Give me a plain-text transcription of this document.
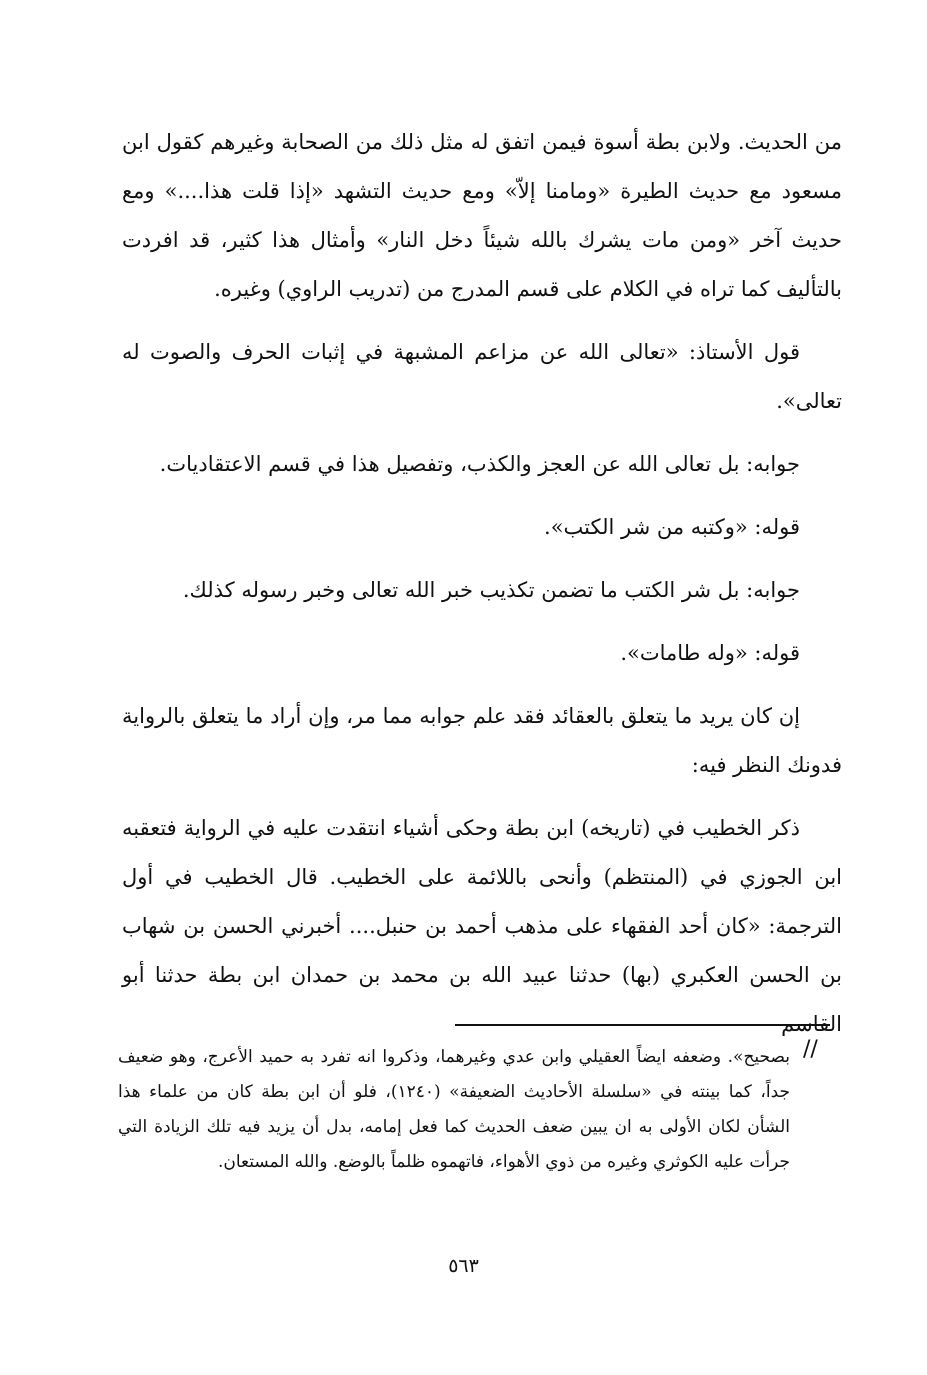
من الحديث. ولابن بطة أسوة فيمن اتفق له مثل ذلك من الصحابة وغيرهم كقول ابن مسعود مع حديث الطيرة «ومامنا إلاّ» ومع حديث التشهد «إذا قلت هذا....» ومع حديث آخر «ومن مات يشرك بالله شيئاً دخل النار» وأمثال هذا كثير، قد افردت بالتأليف كما تراه في الكلام على قسم المدرج من (تدريب الراوي) وغيره.

قول الأستاذ: «تعالى الله عن مزاعم المشبهة في إثبات الحرف والصوت له تعالى».

جوابه: بل تعالى الله عن العجز والكذب، وتفصيل هذا في قسم الاعتقاديات.

قوله: «وكتبه من شر الكتب».

جوابه: بل شر الكتب ما تضمن تكذيب خبر الله تعالى وخبر رسوله كذلك.

قوله: «وله طامات».

إن كان يريد ما يتعلق بالعقائد فقد علم جوابه مما مر، وإن أراد ما يتعلق بالرواية فدونك النظر فيه:

ذكر الخطيب في (تاريخه) ابن بطة وحكى أشياء انتقدت عليه في الرواية فتعقبه ابن الجوزي في (المنتظم) وأنحى باللائمة على الخطيب. قال الخطيب في أول الترجمة: «كان أحد الفقهاء على مذهب أحمد بن حنبل.... أخبرني الحسن بن شهاب بن الحسن العكبري (بها) حدثنا عبيد الله بن محمد بن حمدان ابن بطة حدثنا أبو القاسم

//
بصحيح». وضعفه ايضاً العقيلي وابن عدي وغيرهما، وذكروا انه تفرد به حميد الأعرج، وهو ضعيف جداً، كما بينته في «سلسلة الأحاديث الضعيفة» (١٢٤٠)، فلو أن ابن بطة كان من علماء هذا الشأن لكان الأولى به ان يبين ضعف الحديث كما فعل إمامه، بدل أن يزيد فيه تلك الزيادة التي جرأت عليه الكوثري وغيره من ذوي الأهواء، فاتهموه ظلماً بالوضع. والله المستعان.
٥٦٣
